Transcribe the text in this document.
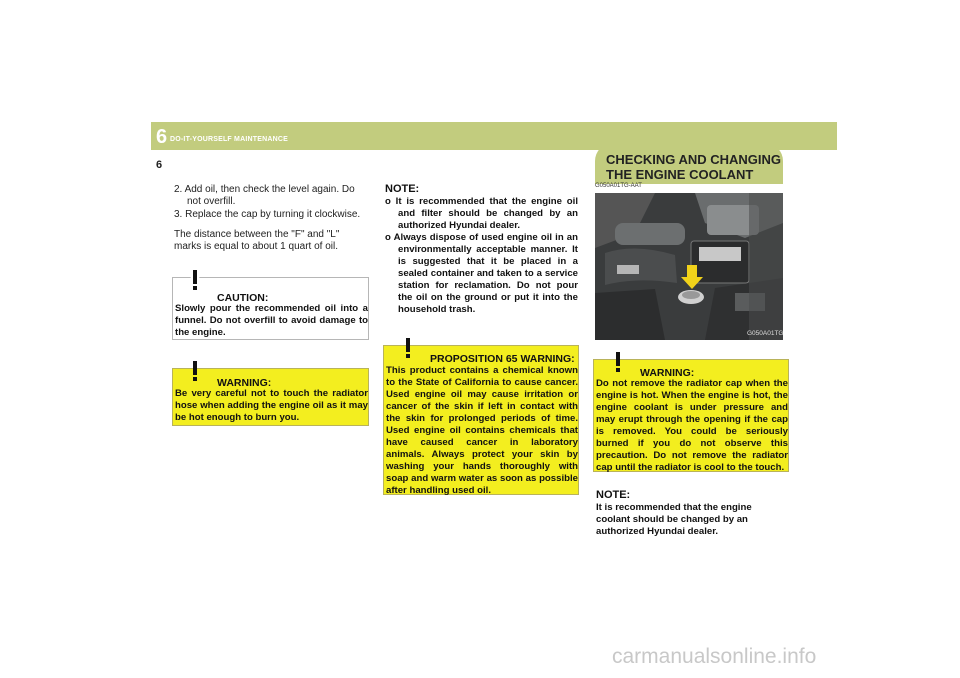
6 DO-IT-YOURSELF MAINTENANCE
6
2. Add oil, then check the level again. Do not overfill.
3. Replace the cap by turning it clockwise.

The distance between the "F" and "L" marks is equal to about 1 quart of oil.

CAUTION:

Slowly pour the recommended oil into a funnel. Do not overfill to avoid damage to the engine.

WARNING:

Be very careful not to touch the radiator hose when adding the engine oil as it may be hot enough to burn you.

NOTE:
o It is recommended that the engine oil and filter should be changed by an authorized Hyundai dealer.
o Always dispose of used engine oil in an environmentally acceptable manner. It is suggested that it be placed in a sealed container and taken to a service station for reclamation. Do not pour the oil on the ground or put it into the household trash.
PROPOSITION 65 WARNING:

This product contains a chemical known to the State of California to cause cancer. Used engine oil may cause irritation or cancer of the skin if left in contact with the skin for prolonged periods of time. Used engine oil contains chemicals that have caused cancer in laboratory animals. Always protect your skin by washing your hands thoroughly with soap and warm water as soon as possible after handling used oil.

CHECKING AND CHANGING THE ENGINE COOLANT
G050A01TG-AAT
G050A01TG
WARNING:

Do not remove the radiator cap when the engine is hot. When the engine is hot, the engine coolant is under pressure and may erupt through the opening if the cap is removed. You could be seriously burned if you do not observe this precaution. Do not remove the radiator cap until the radiator is cool to the touch.

NOTE:

It is recommended that the engine coolant should be changed by an authorized Hyundai dealer.

carmanualsonline.info
